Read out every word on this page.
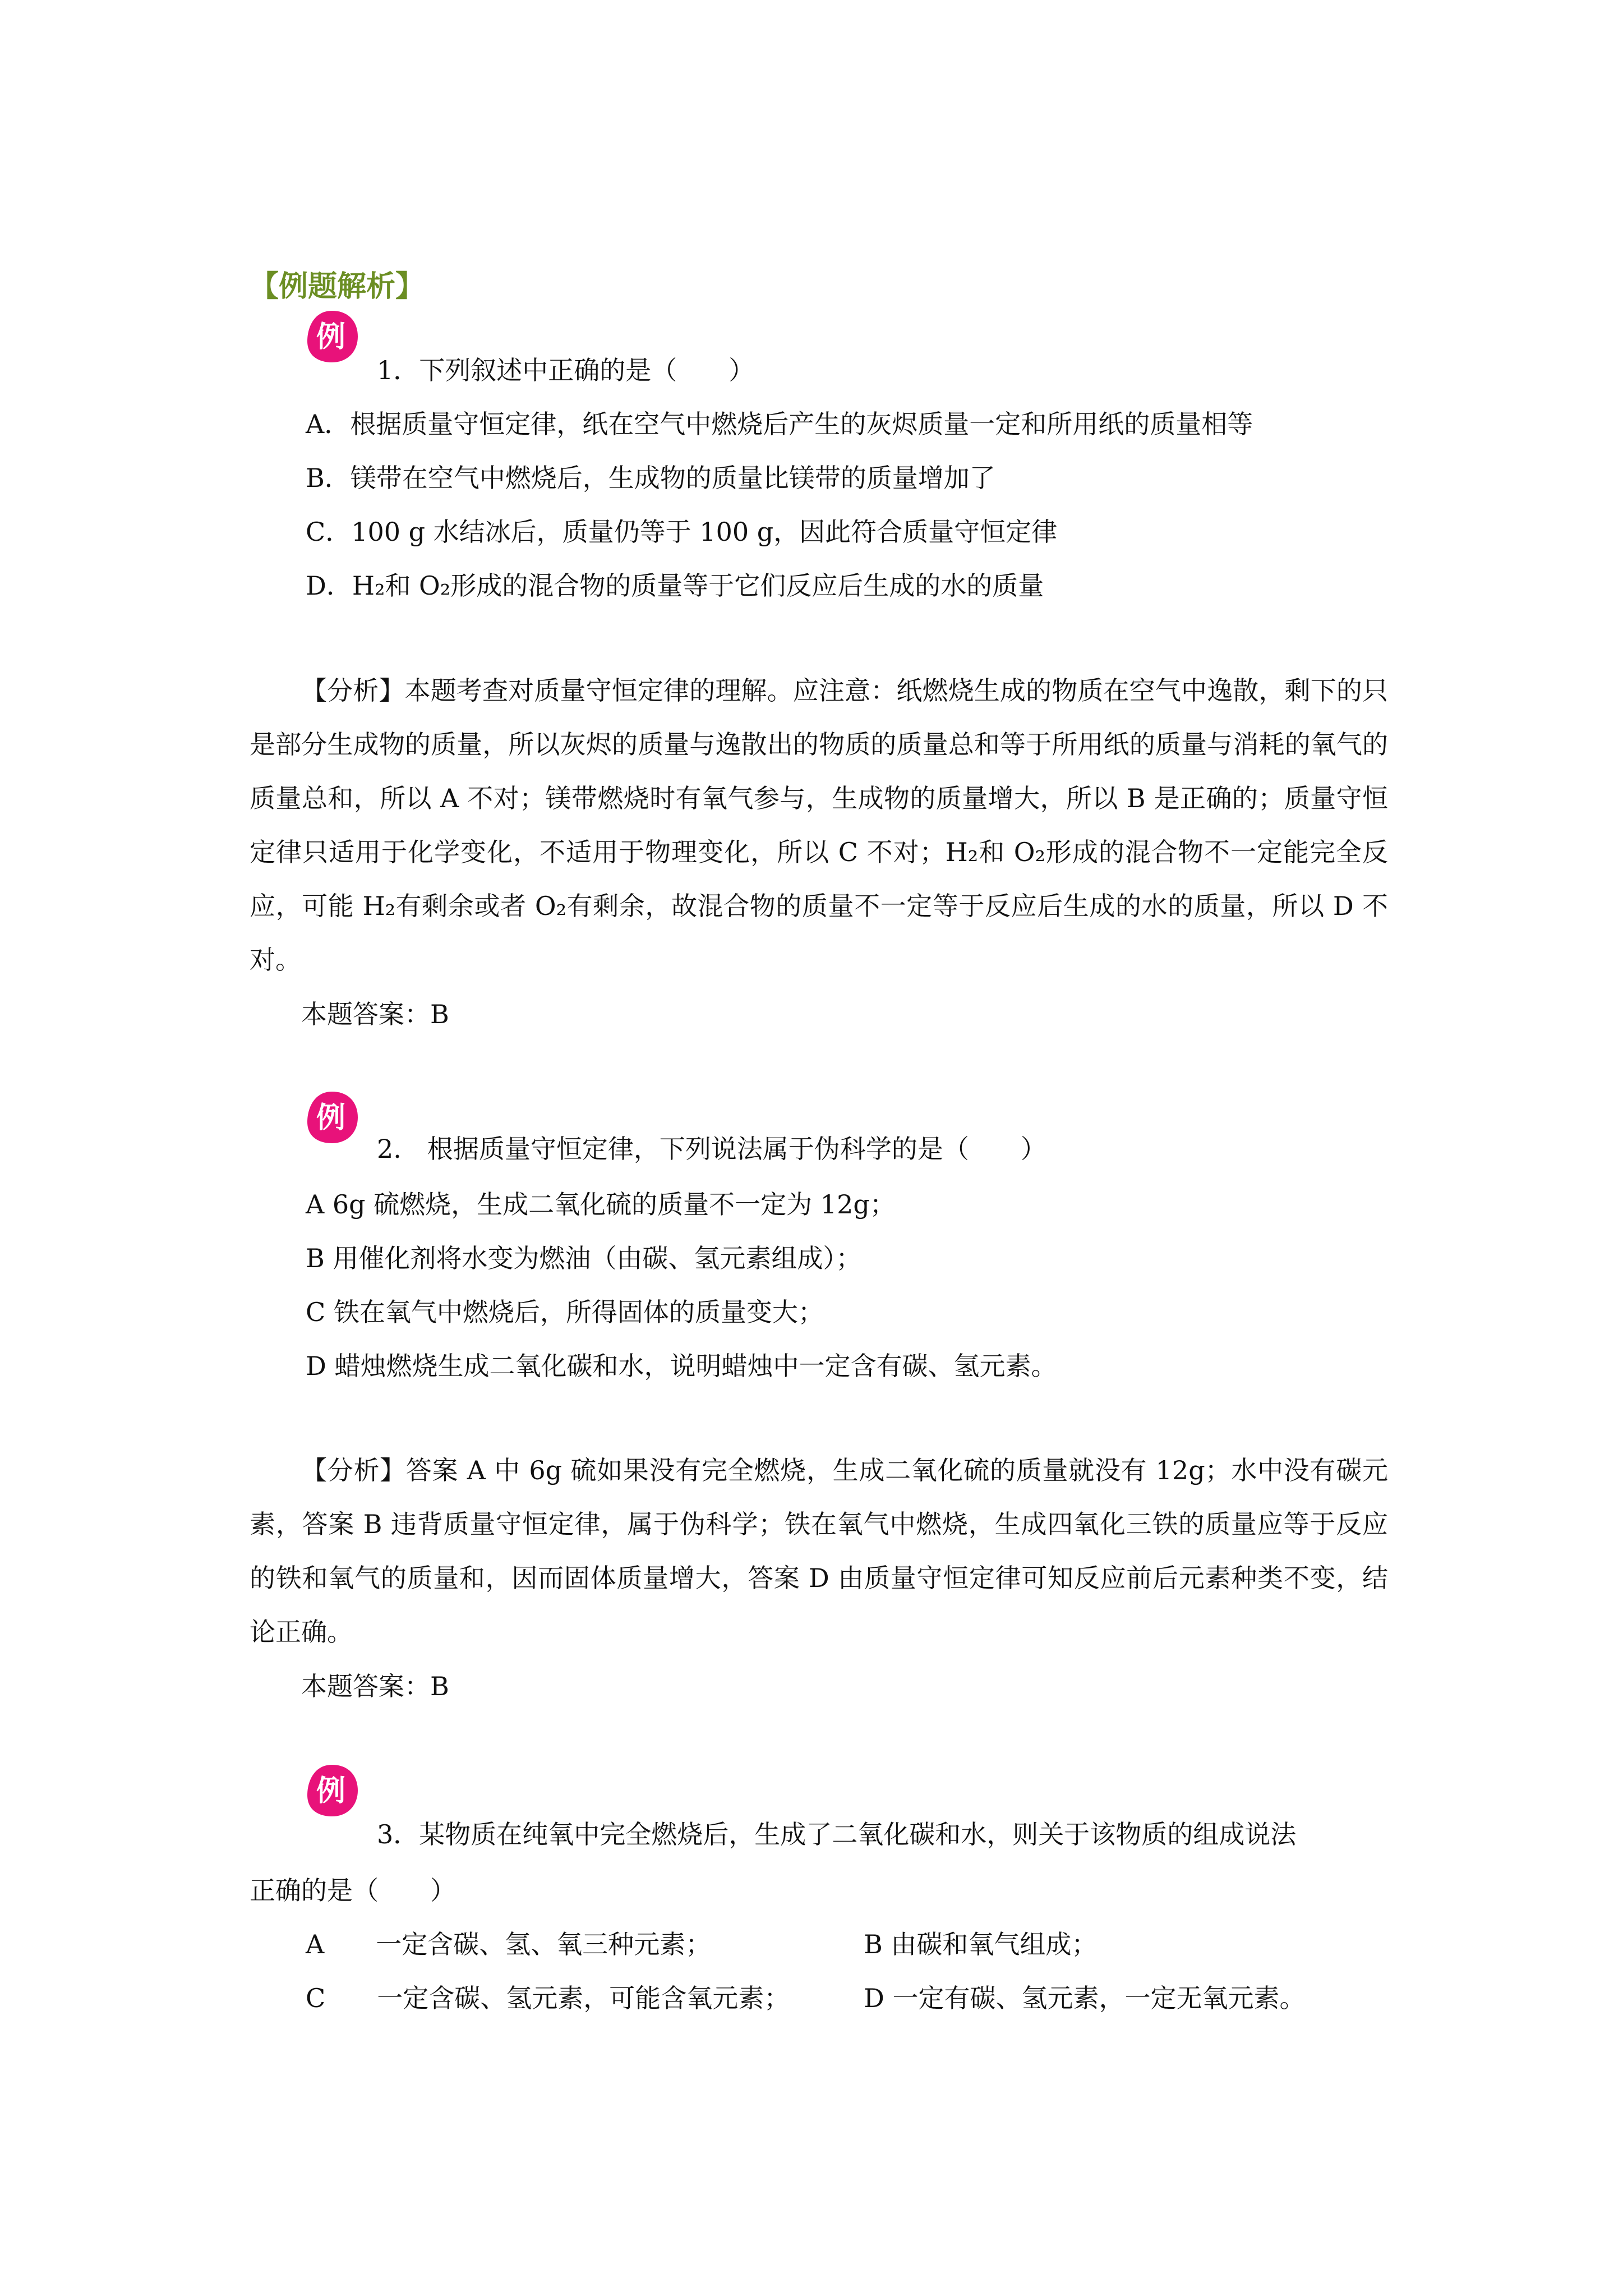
【例题解析】
例
1．下列叙述中正确的是（　　）
A．根据质量守恒定律，纸在空气中燃烧后产生的灰烬质量一定和所用纸的质量相等
B．镁带在空气中燃烧后，生成物的质量比镁带的质量增加了
C．100 g 水结冰后，质量仍等于 100 g，因此符合质量守恒定律
D．H₂和 O₂形成的混合物的质量等于它们反应后生成的水的质量
【分析】本题考查对质量守恒定律的理解。应注意：纸燃烧生成的物质在空气中逸散，剩下的只是部分生成物的质量，所以灰烬的质量与逸散出的物质的质量总和等于所用纸的质量与消耗的氧气的质量总和，所以 A 不对；镁带燃烧时有氧气参与，生成物的质量增大，所以 B 是正确的；质量守恒定律只适用于化学变化，不适用于物理变化，所以 C 不对；H₂和 O₂形成的混合物不一定能完全反应，可能 H₂有剩余或者 O₂有剩余，故混合物的质量不一定等于反应后生成的水的质量，所以 D 不对。
本题答案：B
例
2.　根据质量守恒定律，下列说法属于伪科学的是（　　）
A 6g 硫燃烧，生成二氧化硫的质量不一定为 12g；
B 用催化剂将水变为燃油（由碳、氢元素组成）；
C 铁在氧气中燃烧后，所得固体的质量变大；
D 蜡烛燃烧生成二氧化碳和水，说明蜡烛中一定含有碳、氢元素。
【分析】答案 A 中 6g 硫如果没有完全燃烧，生成二氧化硫的质量就没有 12g；水中没有碳元素，答案 B 违背质量守恒定律，属于伪科学；铁在氧气中燃烧，生成四氧化三铁的质量应等于反应的铁和氧气的质量和，因而固体质量增大，答案 D 由质量守恒定律可知反应前后元素种类不变，结论正确。
本题答案：B
例
3．某物质在纯氧中完全燃烧后，生成了二氧化碳和水，则关于该物质的组成说法
正确的是（　　）
A　　一定含碳、氢、氧三种元素；	B 由碳和氧气组成；
C　　一定含碳、氢元素，可能含氧元素；	D 一定有碳、氢元素，一定无氧元素。
